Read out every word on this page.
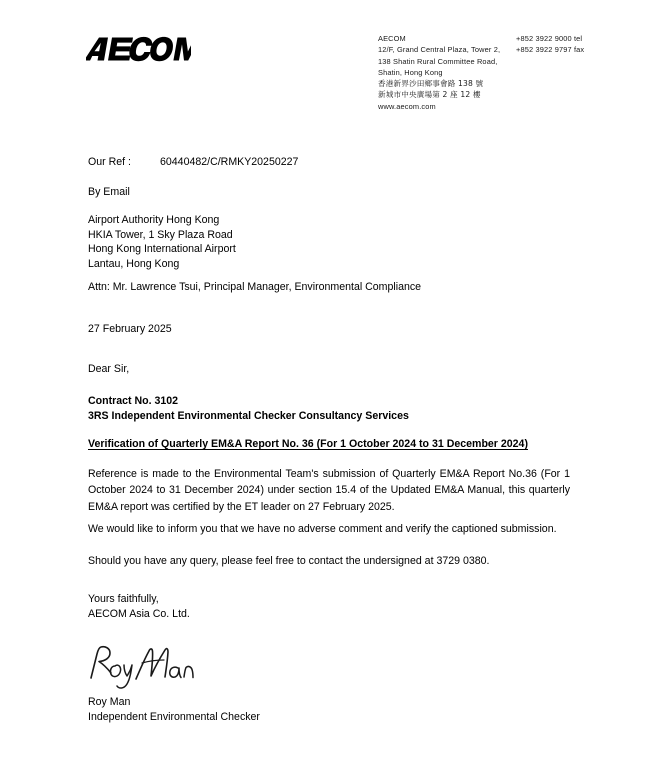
AECOM
12/F, Grand Central Plaza, Tower 2,
138 Shatin Rural Committee Road,
Shatin, Hong Kong
香港新界沙田鄉事會路 138 號
新城市中央廣場第 2 座 12 樓
www.aecom.com
+852 3922 9000 tel
+852 3922 9797 fax
Our Ref :	60440482/C/RMKY20250227
By Email
Airport Authority Hong Kong
HKIA Tower, 1 Sky Plaza Road
Hong Kong International Airport
Lantau, Hong Kong
Attn: Mr. Lawrence Tsui, Principal Manager, Environmental Compliance
27 February 2025
Dear Sir,
Contract No. 3102
3RS Independent Environmental Checker Consultancy Services
Verification of Quarterly EM&A Report No. 36 (For 1 October 2024 to 31 December 2024)
Reference is made to the Environmental Team's submission of Quarterly EM&A Report No.36 (For 1 October 2024 to 31 December 2024) under section 15.4 of the Updated EM&A Manual, this quarterly EM&A report was certified by the ET leader on 27 February 2025.
We would like to inform you that we have no adverse comment and verify the captioned submission.
Should you have any query, please feel free to contact the undersigned at 3729 0380.
Yours faithfully,
AECOM Asia Co. Ltd.
Roy Man
Independent Environmental Checker
